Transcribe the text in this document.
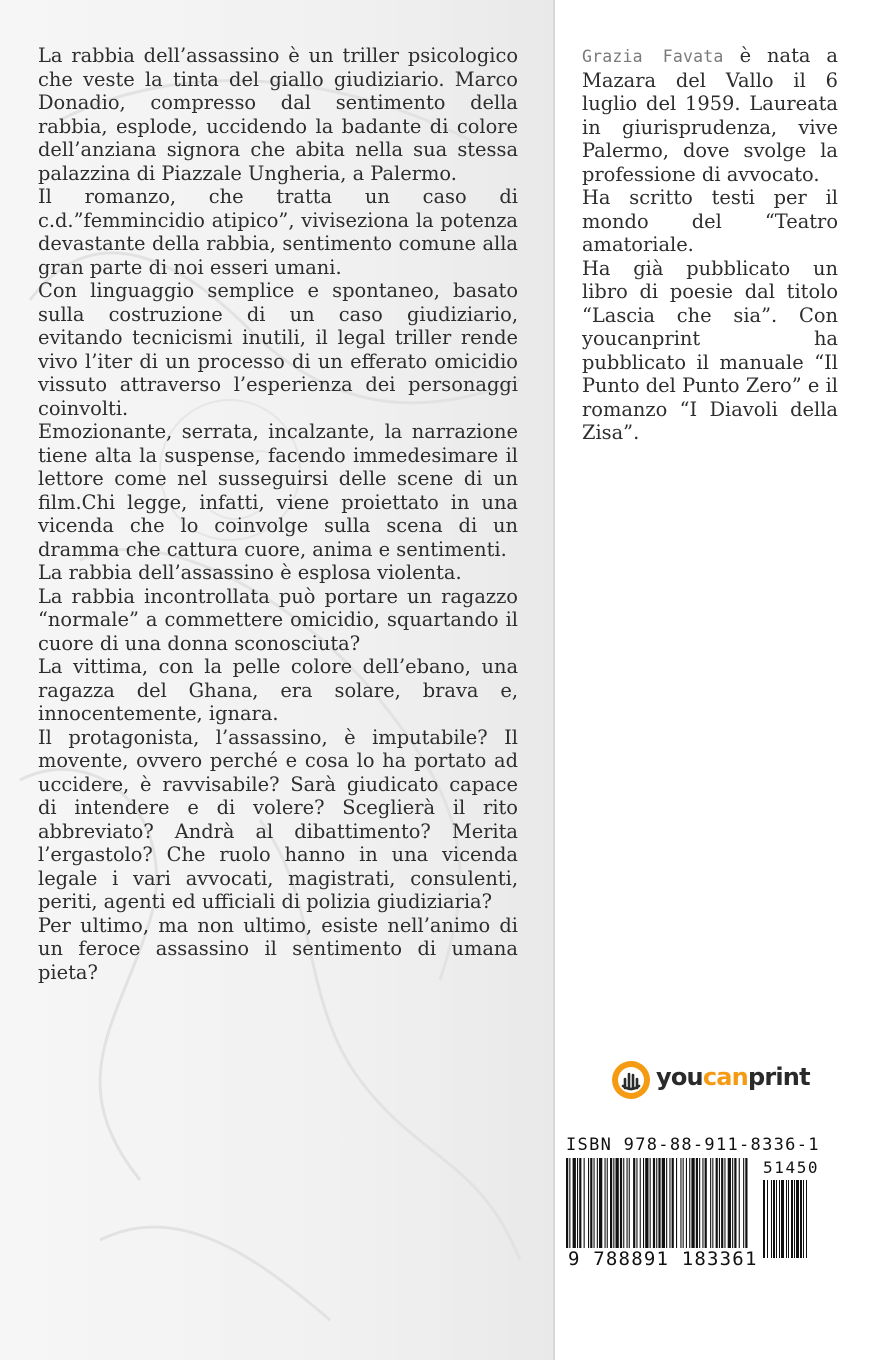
La rabbia dell’assassino è un triller psicologico che veste la tinta del giallo giudiziario. Marco Donadio, compresso dal sentimento della rabbia, esplode, uccidendo la badante di colore dell’anziana signora che abita nella sua stessa palazzina di Piazzale Ungheria, a Palermo.

Il romanzo, che tratta un caso di c.d.”femmincidio atipico”, viviseziona la potenza devastante della rabbia, sentimento comune alla gran parte di noi esseri umani.

Con linguaggio semplice e spontaneo, basato sulla costruzione di un caso giudiziario, evitando tecnicismi inutili, il legal triller rende vivo l’iter di un processo di un efferato omicidio vissuto attraverso l’esperienza dei personaggi coinvolti.

Emozionante, serrata, incalzante, la narrazione tiene alta la suspense, facendo immedesimare il lettore come nel susseguirsi delle scene di un film.Chi legge, infatti, viene proiettato in una vicenda che lo coinvolge sulla scena di un dramma che cattura cuore, anima e sentimenti.

La rabbia dell’assassino è esplosa violenta.

La rabbia incontrollata può portare un ragazzo “normale” a commettere omicidio, squartando il cuore di una donna sconosciuta?

La vittima, con la pelle colore dell’ebano, una ragazza del Ghana, era solare, brava e, innocentemente, ignara.

Il protagonista, l’assassino, è imputabile? Il movente, ovvero perché e cosa lo ha portato ad uccidere, è ravvisabile? Sarà giudicato capace di intendere e di volere? Sceglierà il rito abbreviato? Andrà al dibattimento? Merita l’ergastolo? Che ruolo hanno in una vicenda legale i vari avvocati, magistrati, consulenti, periti, agenti ed ufficiali di polizia giudiziaria?

Per ultimo, ma non ultimo, esiste nell’animo di un feroce assassino il sentimento di umana pieta?

Grazia Favata è nata a Mazara del Vallo il 6 luglio del 1959. Laureata in giurisprudenza, vive Palermo, dove svolge la professione di avvocato.

Ha scritto testi per il mondo del “Teatro amatoriale.

Ha già pubblicato un libro di poesie dal titolo “Lascia che sia”. Con youcanprint ha pubblicato il manuale “Il Punto del Punto Zero” e il romanzo “I Diavoli della Zisa”.

youcanprint
ISBN 978-88-911-8336-1
51450
9 788891 183361
